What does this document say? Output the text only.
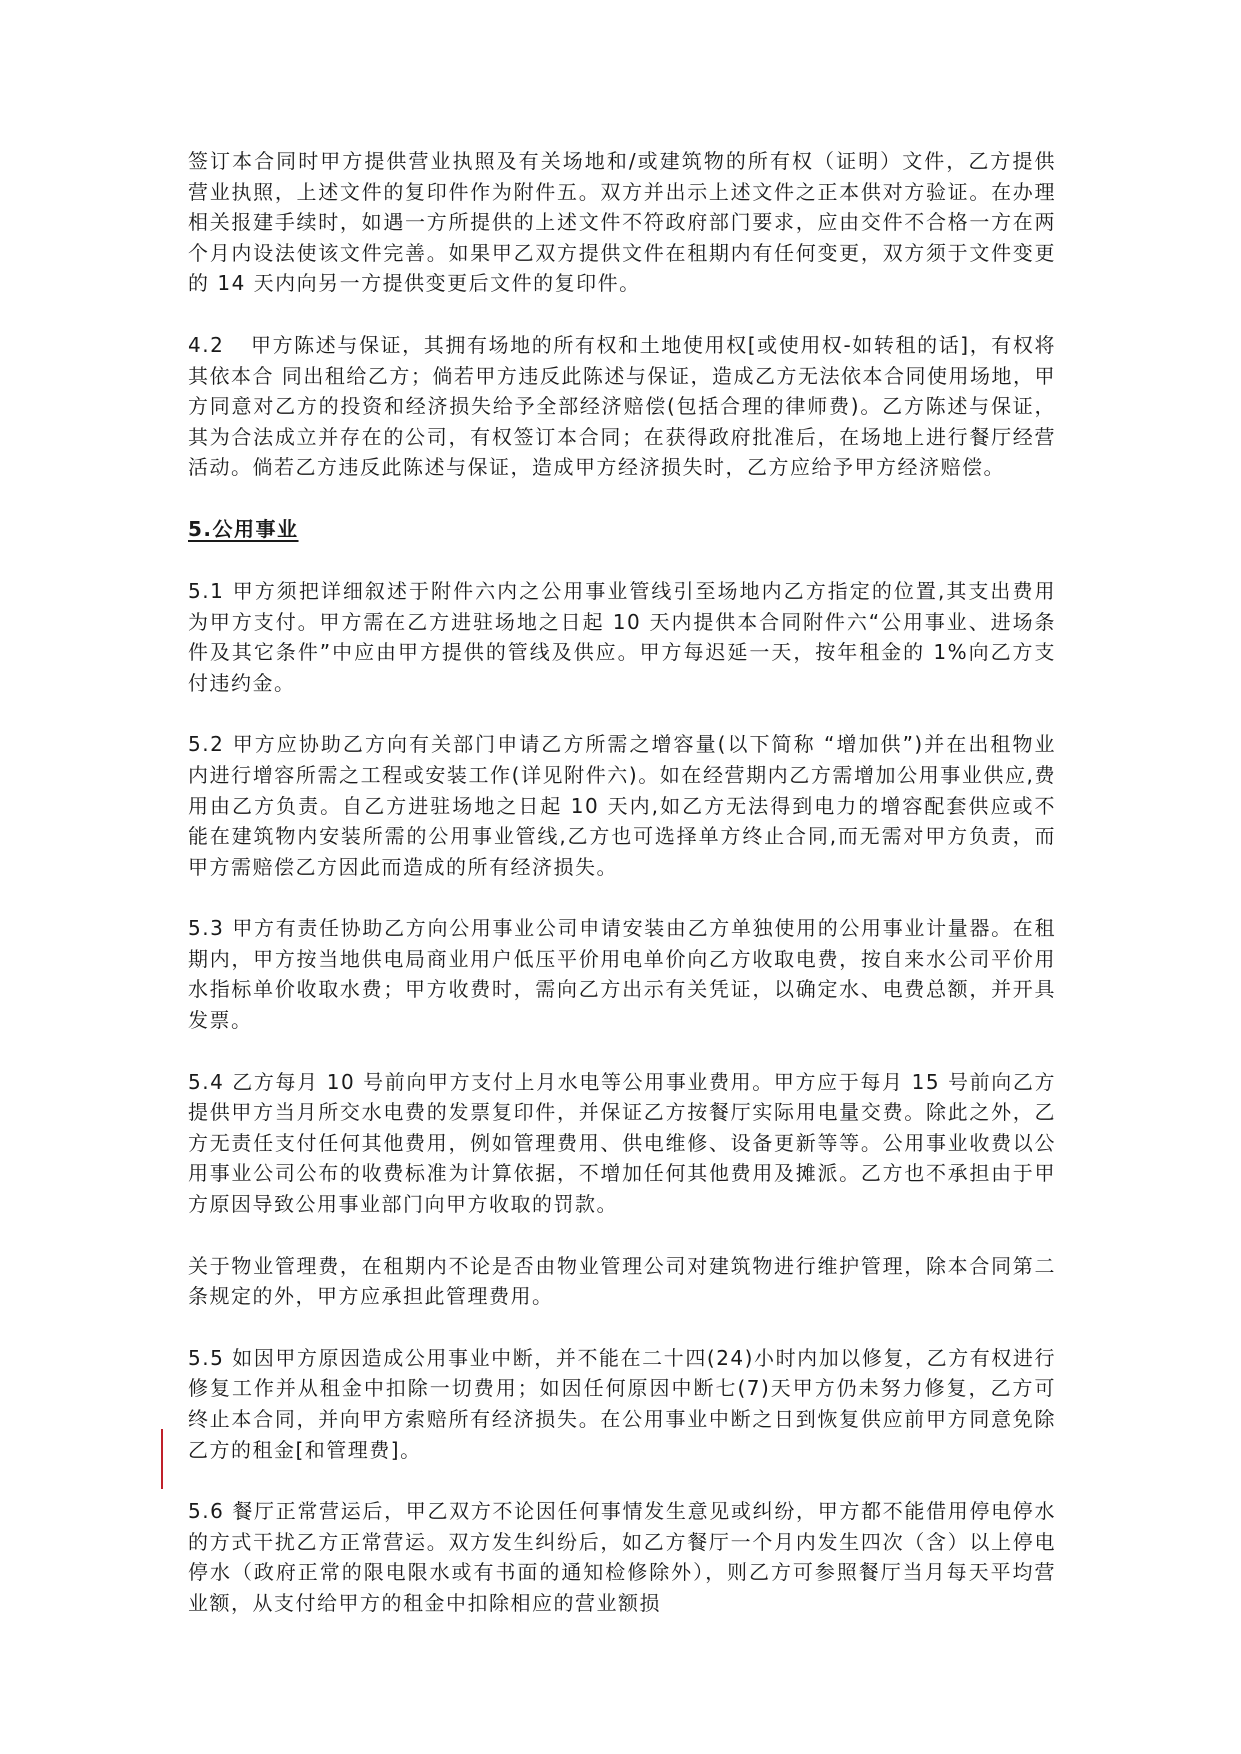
签订本合同时甲方提供营业执照及有关场地和/或建筑物的所有权（证明）文件，乙方提供营业执照，上述文件的复印件作为附件五。双方并出示上述文件之正本供对方验证。在办理相关报建手续时，如遇一方所提供的上述文件不符政府部门要求，应由交件不合格一方在两个月内设法使该文件完善。如果甲乙双方提供文件在租期内有任何变更，双方须于文件变更的 14 天内向另一方提供变更后文件的复印件。

4.2	甲方陈述与保证，其拥有场地的所有权和土地使用权[或使用权-如转租的话]，有权将其依本合 同出租给乙方；倘若甲方违反此陈述与保证，造成乙方无法依本合同使用场地，甲方同意对乙方的投资和经济损失给予全部经济赔偿(包括合理的律师费)。乙方陈述与保证，其为合法成立并存在的公司，有权签订本合同；在获得政府批准后，在场地上进行餐厅经营活动。倘若乙方违反此陈述与保证，造成甲方经济损失时，乙方应给予甲方经济赔偿。

5.公用事业

5.1 甲方须把详细叙述于附件六内之公用事业管线引至场地内乙方指定的位置,其支出费用为甲方支付。甲方需在乙方进驻场地之日起 10 天内提供本合同附件六“公用事业、进场条件及其它条件”中应由甲方提供的管线及供应。甲方每迟延一天，按年租金的 1%向乙方支付违约金。

5.2 甲方应协助乙方向有关部门申请乙方所需之增容量(以下简称 “增加供”)并在出租物业内进行增容所需之工程或安装工作(详见附件六)。如在经营期内乙方需增加公用事业供应,费用由乙方负责。自乙方进驻场地之日起 10 天内,如乙方无法得到电力的增容配套供应或不能在建筑物内安装所需的公用事业管线,乙方也可选择单方终止合同,而无需对甲方负责，而甲方需赔偿乙方因此而造成的所有经济损失。

5.3 甲方有责任协助乙方向公用事业公司申请安装由乙方单独使用的公用事业计量器。在租期内，甲方按当地供电局商业用户低压平价用电单价向乙方收取电费，按自来水公司平价用水指标单价收取水费；甲方收费时，需向乙方出示有关凭证，以确定水、电费总额，并开具发票。

5.4 乙方每月 10 号前向甲方支付上月水电等公用事业费用。甲方应于每月 15 号前向乙方提供甲方当月所交水电费的发票复印件，并保证乙方按餐厅实际用电量交费。除此之外，乙方无责任支付任何其他费用，例如管理费用、供电维修、设备更新等等。公用事业收费以公用事业公司公布的收费标准为计算依据，不增加任何其他费用及摊派。乙方也不承担由于甲方原因导致公用事业部门向甲方收取的罚款。

关于物业管理费，在租期内不论是否由物业管理公司对建筑物进行维护管理，除本合同第二条规定的外，甲方应承担此管理费用。

5.5 如因甲方原因造成公用事业中断，并不能在二十四(24)小时内加以修复，乙方有权进行修复工作并从租金中扣除一切费用；如因任何原因中断七(7)天甲方仍未努力修复，乙方可终止本合同，并向甲方索赔所有经济损失。在公用事业中断之日到恢复供应前甲方同意免除乙方的租金[和管理费]。

5.6 餐厅正常营运后，甲乙双方不论因任何事情发生意见或纠纷，甲方都不能借用停电停水的方式干扰乙方正常营运。双方发生纠纷后，如乙方餐厅一个月内发生四次（含）以上停电停水（政府正常的限电限水或有书面的通知检修除外），则乙方可参照餐厅当月每天平均营业额，从支付给甲方的租金中扣除相应的营业额损
